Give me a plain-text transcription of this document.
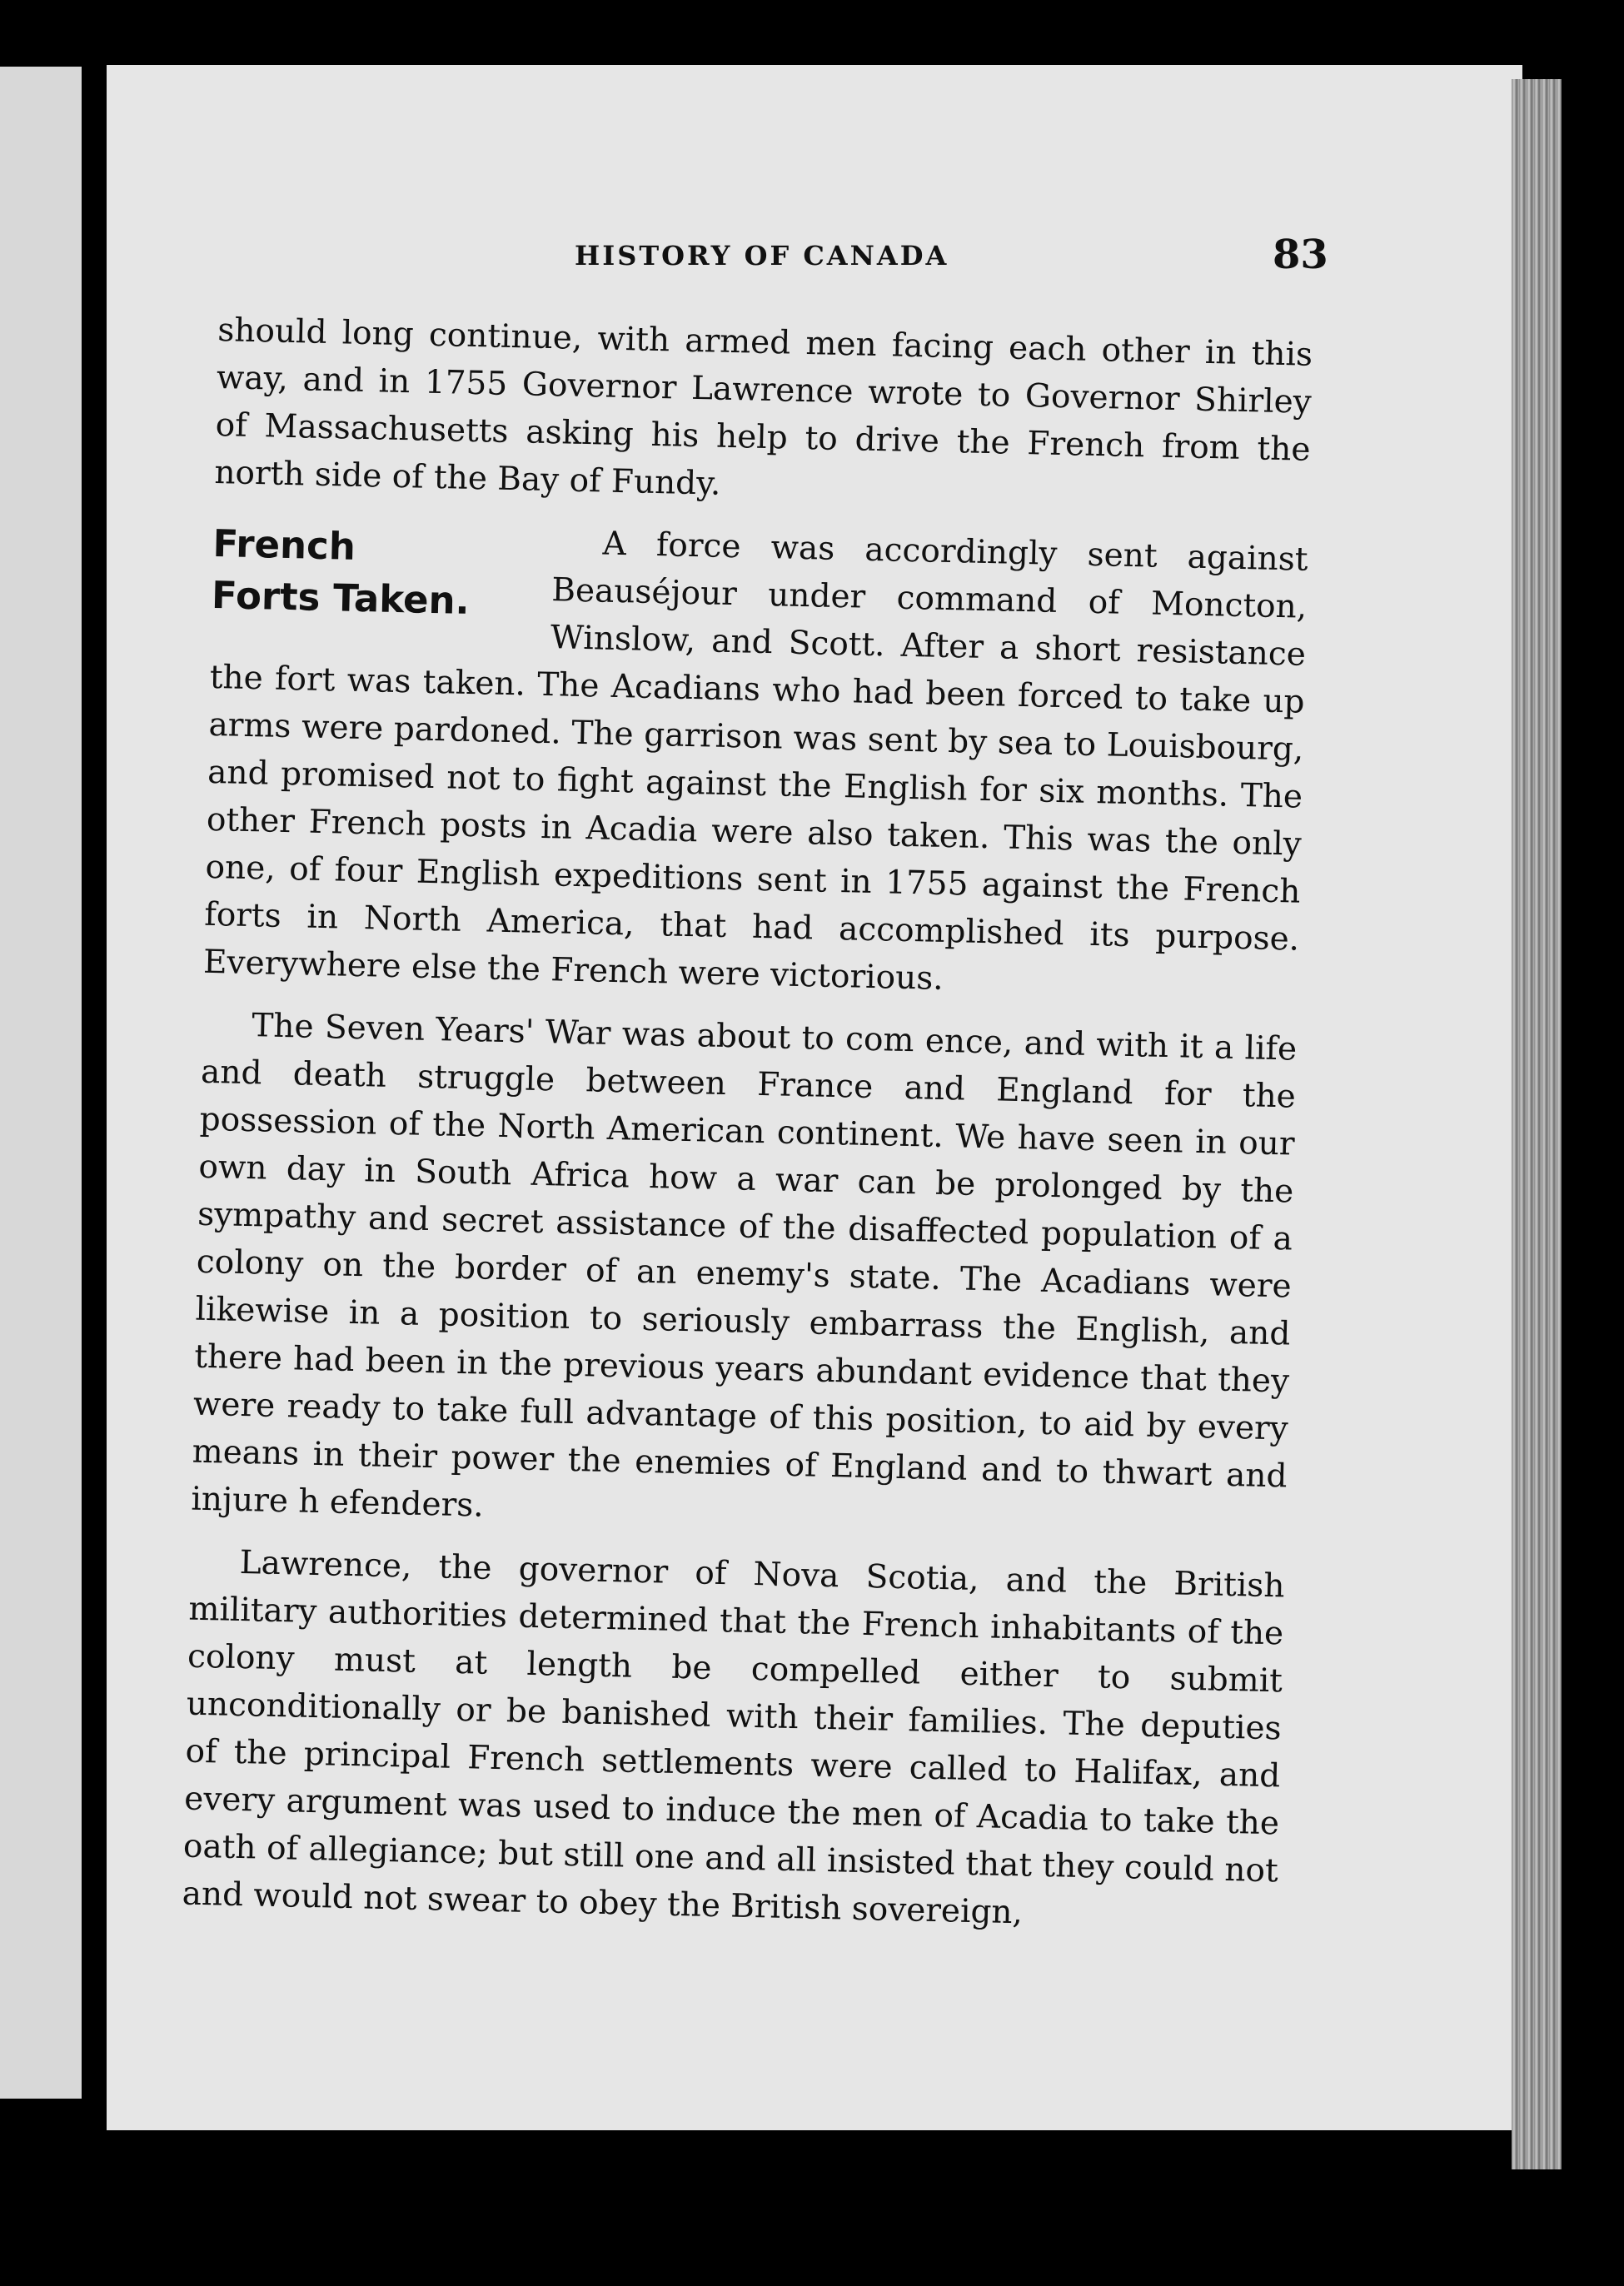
HISTORY OF CANADA	83

should long continue, with armed men facing each other in this way, and in 1755 Governor Lawrence wrote to Governor Shirley of Massachusetts asking his help to drive the French from the north side of the Bay of Fundy.

French
Forts Taken.

A force was accordingly sent against Beauséjour under command of Moncton, Winslow, and Scott. After a short resistance the fort was taken. The Acadians who had been forced to take up arms were pardoned. The garrison was sent by sea to Louisbourg, and promised not to fight against the English for six months. The other French posts in Acadia were also taken. This was the only one, of four English expeditions sent in 1755 against the French forts in North America, that had accomplished its purpose. Everywhere else the French were victorious.

The Seven Years' War was about to com ence, and with it a life and death struggle between France and England for the possession of the North American continent. We have seen in our own day in South Africa how a war can be prolonged by the sympathy and secret assistance of the disaffected population of a colony on the border of an enemy's state. The Acadians were likewise in a position to seriously embarrass the English, and there had been in the previous years abundant evidence that they were ready to take full advantage of this position, to aid by every means in their power the enemies of England and to thwart and injure h efenders.

Lawrence, the governor of Nova Scotia, and the British military authorities determined that the French inhabitants of the colony must at length be compelled either to submit unconditionally or be banished with their families. The deputies of the principal French settlements were called to Halifax, and every argument was used to induce the men of Acadia to take the oath of allegiance; but still one and all insisted that they could not and would not swear to obey the British sovereign,
